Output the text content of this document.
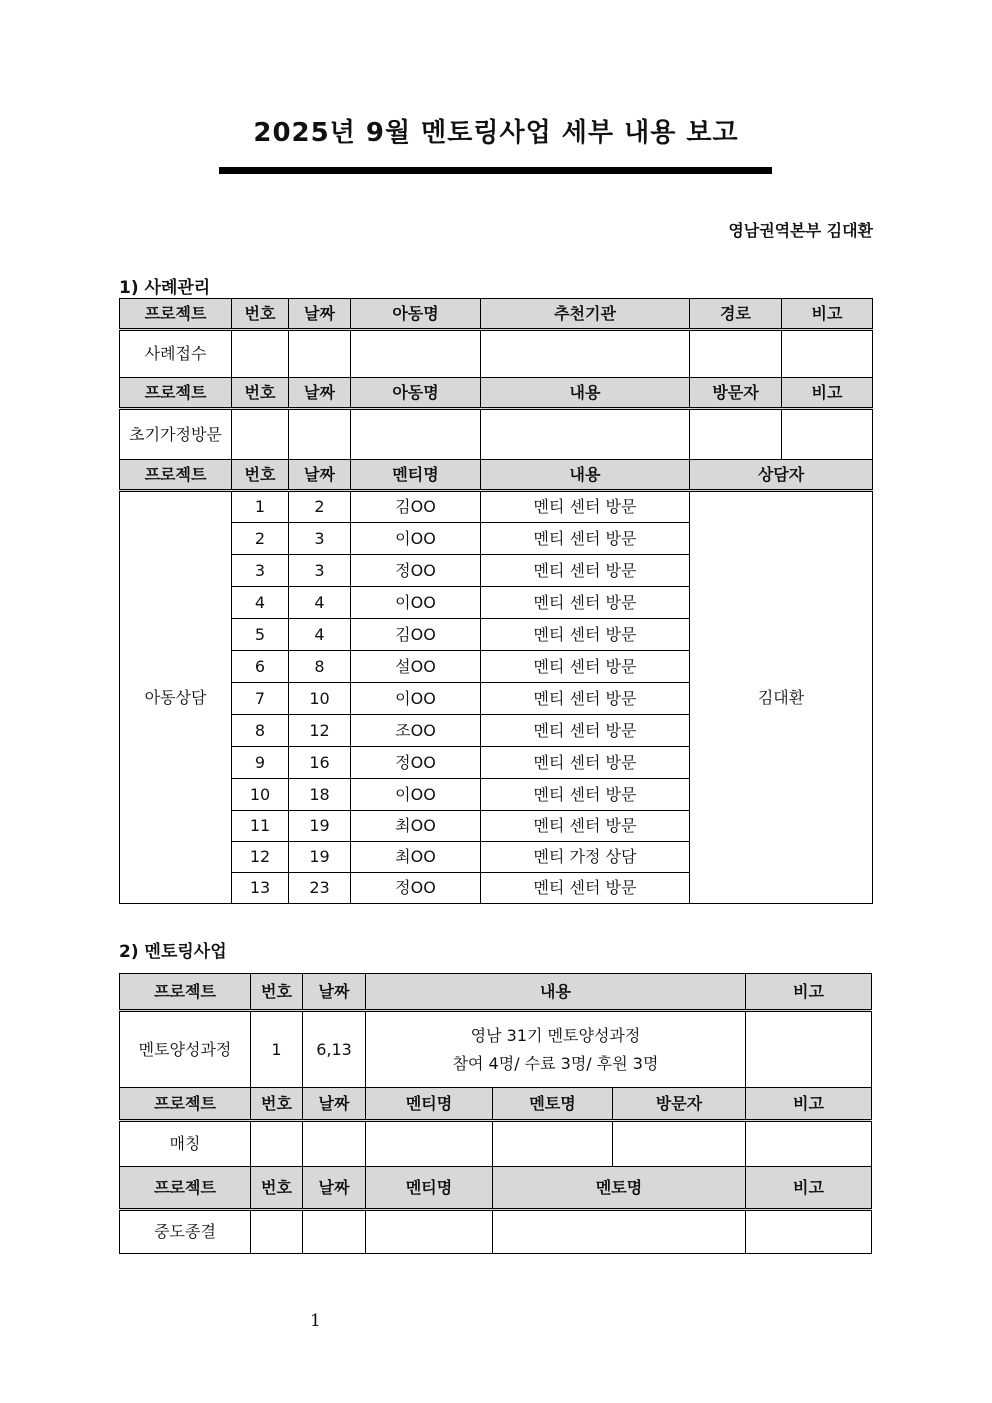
2025년 9월 멘토링사업 세부 내용 보고
영남권역본부 김대환
1) 사례관리
프로젝트	번호	날짜	아동명	추천기관	경로	비고
사례접수						
프로젝트	번호	날짜	아동명	내용	방문자	비고
초기가정방문						
프로젝트	번호	날짜	멘티명	내용	상담자	
아동상담	1	2	김OO	멘티 센터 방문	김대환	
	2	3	이OO	멘티 센터 방문		
	3	3	정OO	멘티 센터 방문		
	4	4	이OO	멘티 센터 방문		
	5	4	김OO	멘티 센터 방문		
	6	8	설OO	멘티 센터 방문		
	7	10	이OO	멘티 센터 방문		
	8	12	조OO	멘티 센터 방문		
	9	16	정OO	멘티 센터 방문		
	10	18	이OO	멘티 센터 방문		
	11	19	최OO	멘티 센터 방문		
	12	19	최OO	멘티 가정 상담		
	13	23	정OO	멘티 센터 방문		
2) 멘토링사업
프로젝트	번호	날짜	내용			비고
멘토양성과정	1	6,13	영남 31기 멘토양성과정
참여 4명/ 수료 3명/ 후원 3명			

프로젝트	번호	날짜	멘티명	멘토명	방문자	비고
매칭						
프로젝트	번호	날짜	멘티명	멘토명		비고
중도종결						
1
